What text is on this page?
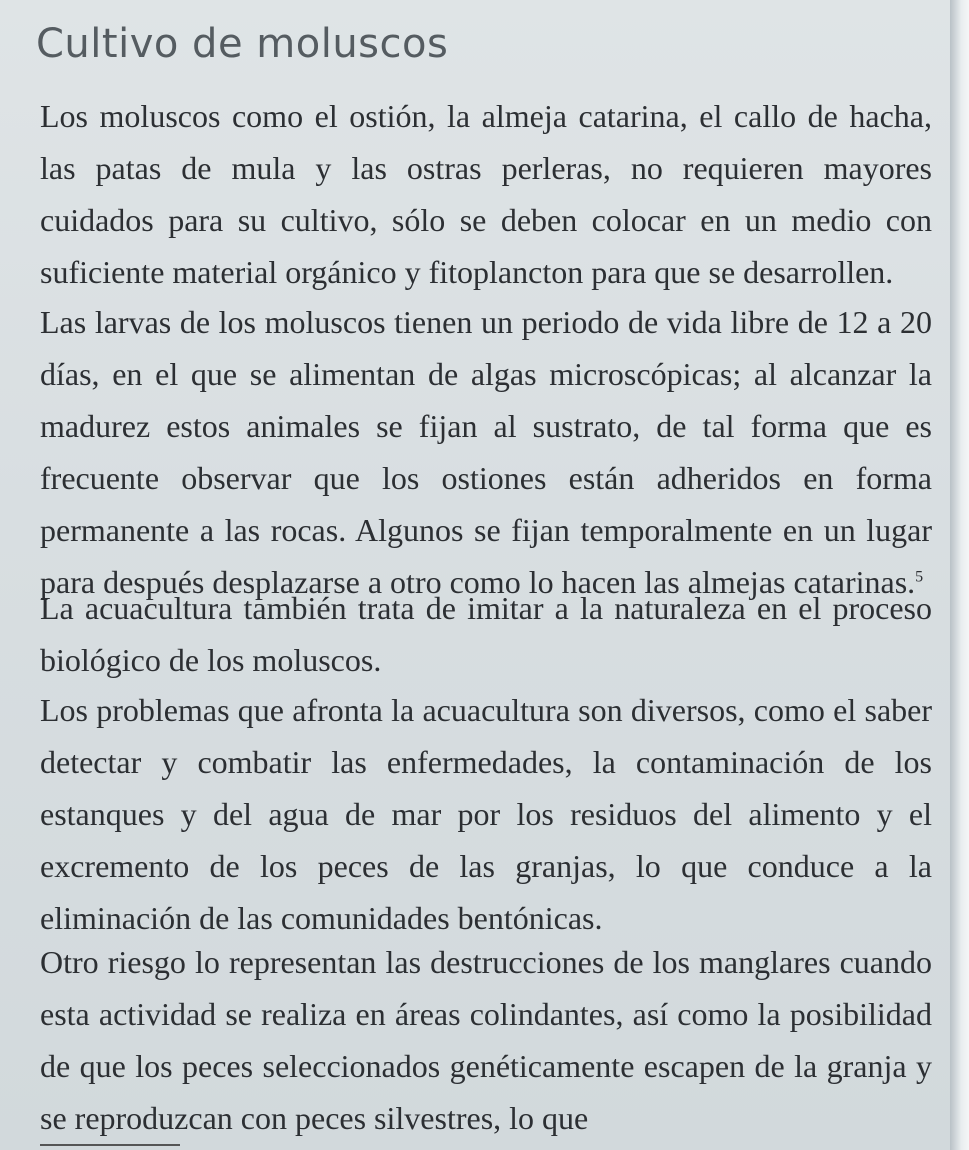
Cultivo de moluscos

Los moluscos como el ostión, la almeja catarina, el callo de hacha, las patas de mula y las ostras perleras, no requieren mayores cuidados para su cultivo, sólo se deben colocar en un medio con suficiente material orgánico y fitoplancton para que se desarrollen.

Las larvas de los moluscos tienen un periodo de vida libre de 12 a 20 días, en el que se alimentan de algas microscópicas; al alcanzar la madurez estos animales se fijan al sustrato, de tal forma que es frecuente observar que los ostiones están adheridos en forma permanente a las rocas. Algunos se fijan temporalmente en un lugar para después desplazarse a otro como lo hacen las almejas catarinas.$^5$

La acuacultura también trata de imitar a la naturaleza en el proceso biológico de los moluscos.

Los problemas que afronta la acuacultura son diversos, como el saber detectar y combatir las enfermedades, la contaminación de los estanques y del agua de mar por los residuos del alimento y el excremento de los peces de las granjas, lo que conduce a la eliminación de las comunidades bentónicas.

Otro riesgo lo representan las destrucciones de los manglares cuando esta actividad se realiza en áreas colindantes, así como la posibilidad de que los peces seleccionados genéticamente escapen de la granja y se reproduzcan con peces silvestres, lo que
